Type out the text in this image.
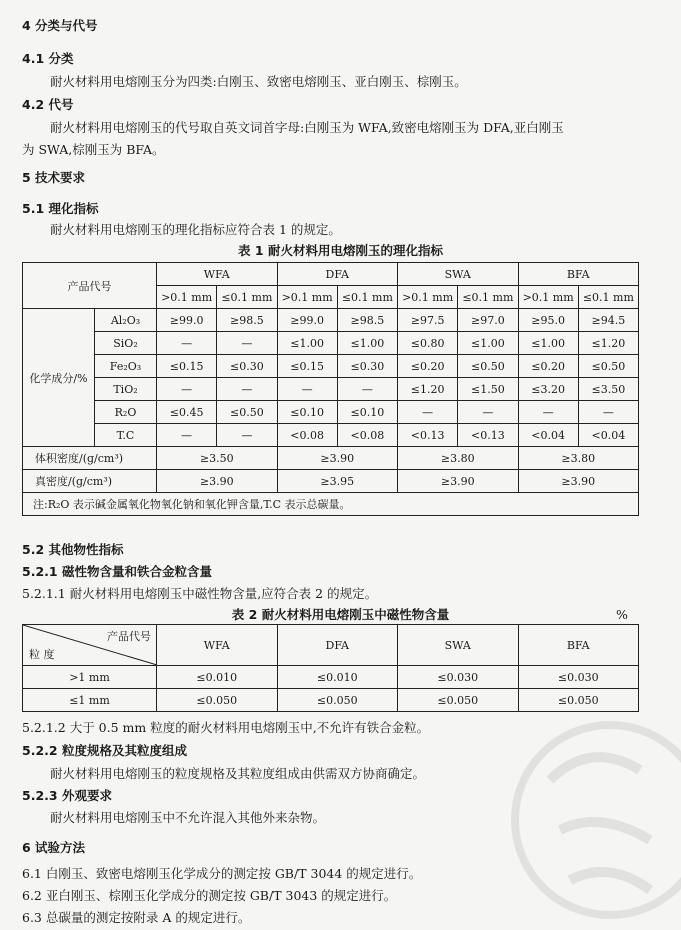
4 分类与代号
4.1 分类
耐火材料用电熔刚玉分为四类:白刚玉、致密电熔刚玉、亚白刚玉、棕刚玉。
4.2 代号
耐火材料用电熔刚玉的代号取自英文词首字母:白刚玉为 WFA,致密电熔刚玉为 DFA,亚白刚玉
为 SWA,棕刚玉为 BFA。
5 技术要求
5.1 理化指标
耐火材料用电熔刚玉的理化指标应符合表 1 的规定。
表 1 耐火材料用电熔刚玉的理化指标
产品代号		WFA		DFA		SWA		BFA	
		>0.1 mm	≤0.1 mm	>0.1 mm	≤0.1 mm	>0.1 mm	≤0.1 mm	>0.1 mm	≤0.1 mm
化学成分/%	Al₂O₃	≥99.0	≥98.5	≥99.0	≥98.5	≥97.5	≥97.0	≥95.0	≥94.5
	SiO₂	—	—	≤1.00	≤1.00	≤0.80	≤1.00	≤1.00	≤1.20
	Fe₂O₃	≤0.15	≤0.30	≤0.15	≤0.30	≤0.20	≤0.50	≤0.20	≤0.50
	TiO₂	—	—	—	—	≤1.20	≤1.50	≤3.20	≤3.50
	R₂O	≤0.45	≤0.50	≤0.10	≤0.10	—	—	—	—
	T.C	—	—	<0.08	<0.08	<0.13	<0.13	<0.04	<0.04
体积密度/(g/cm³)		≥3.50		≥3.90		≥3.80		≥3.80	
真密度/(g/cm³)		≥3.90		≥3.95		≥3.90		≥3.90	
注:R₂O 表示碱金属氧化物氧化钠和氧化钾含量,T.C 表示总碳量。									
5.2 其他物性指标
5.2.1 磁性物含量和铁合金粒含量
5.2.1.1 耐火材料用电熔刚玉中磁性物含量,应符合表 2 的规定。
表 2 耐火材料用电熔刚玉中磁性物含量	%
产品代号
粒 度	WFA	DFA	SWA	BFA
>1 mm	≤0.010	≤0.010	≤0.030	≤0.030
≤1 mm	≤0.050	≤0.050	≤0.050	≤0.050
5.2.1.2 大于 0.5 mm 粒度的耐火材料用电熔刚玉中,不允许有铁合金粒。
5.2.2 粒度规格及其粒度组成
耐火材料用电熔刚玉的粒度规格及其粒度组成由供需双方协商确定。
5.2.3 外观要求
耐火材料用电熔刚玉中不允许混入其他外来杂物。
6 试验方法
6.1 白刚玉、致密电熔刚玉化学成分的测定按 GB/T 3044 的规定进行。
6.2 亚白刚玉、棕刚玉化学成分的测定按 GB/T 3043 的规定进行。
6.3 总碳量的测定按附录 A 的规定进行。
